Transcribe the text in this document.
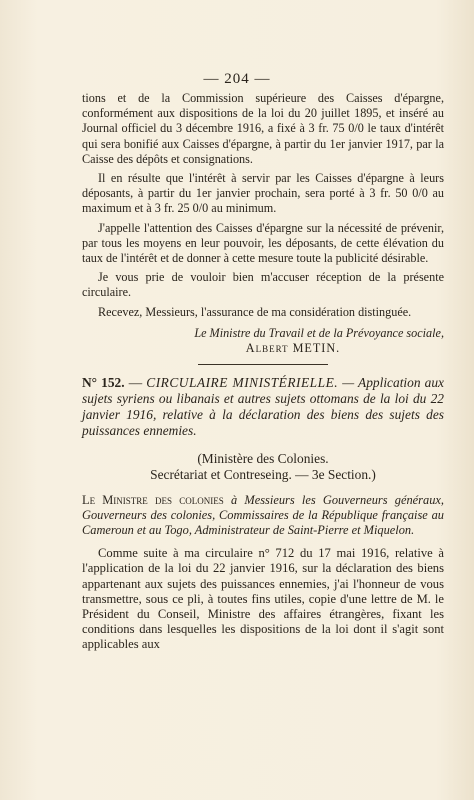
— 204 —

tions et de la Commission supérieure des Caisses d'épargne, conformément aux dispositions de la loi du 20 juillet 1895, et inséré au Journal officiel du 3 décembre 1916, a fixé à 3 fr. 75 0/0 le taux d'intérêt qui sera bonifié aux Caisses d'épargne, à partir du 1er janvier 1917, par la Caisse des dépôts et consignations.

Il en résulte que l'intérêt à servir par les Caisses d'épargne à leurs déposants, à partir du 1er janvier prochain, sera porté à 3 fr. 50 0/0 au maximum et à 3 fr. 25 0/0 au minimum.

J'appelle l'attention des Caisses d'épargne sur la nécessité de prévenir, par tous les moyens en leur pouvoir, les déposants, de cette élévation du taux de l'intérêt et de donner à cette mesure toute la publicité désirable.

Je vous prie de vouloir bien m'accuser réception de la présente circulaire.

Recevez, Messieurs, l'assurance de ma considération distinguée.

Le Ministre du Travail et de la Prévoyance sociale,
Albert METIN.
N° 152. — CIRCULAIRE MINISTÉRIELLE. — Application aux sujets syriens ou libanais et autres sujets ottomans de la loi du 22 janvier 1916, relative à la déclaration des biens des sujets des puissances ennemies.
(Ministère des Colonies.
Secrétariat et Contreseing. — 3e Section.)
Le Ministre des colonies à Messieurs les Gouverneurs généraux, Gouverneurs des colonies, Commissaires de la République française au Cameroun et au Togo, Administrateur de Saint-Pierre et Miquelon.

Comme suite à ma circulaire n° 712 du 17 mai 1916, relative à l'application de la loi du 22 janvier 1916, sur la déclaration des biens appartenant aux sujets des puissances ennemies, j'ai l'honneur de vous transmettre, sous ce pli, à toutes fins utiles, copie d'une lettre de M. le Président du Conseil, Ministre des affaires étrangères, fixant les conditions dans lesquelles les dispositions de la loi dont il s'agit sont applicables aux
